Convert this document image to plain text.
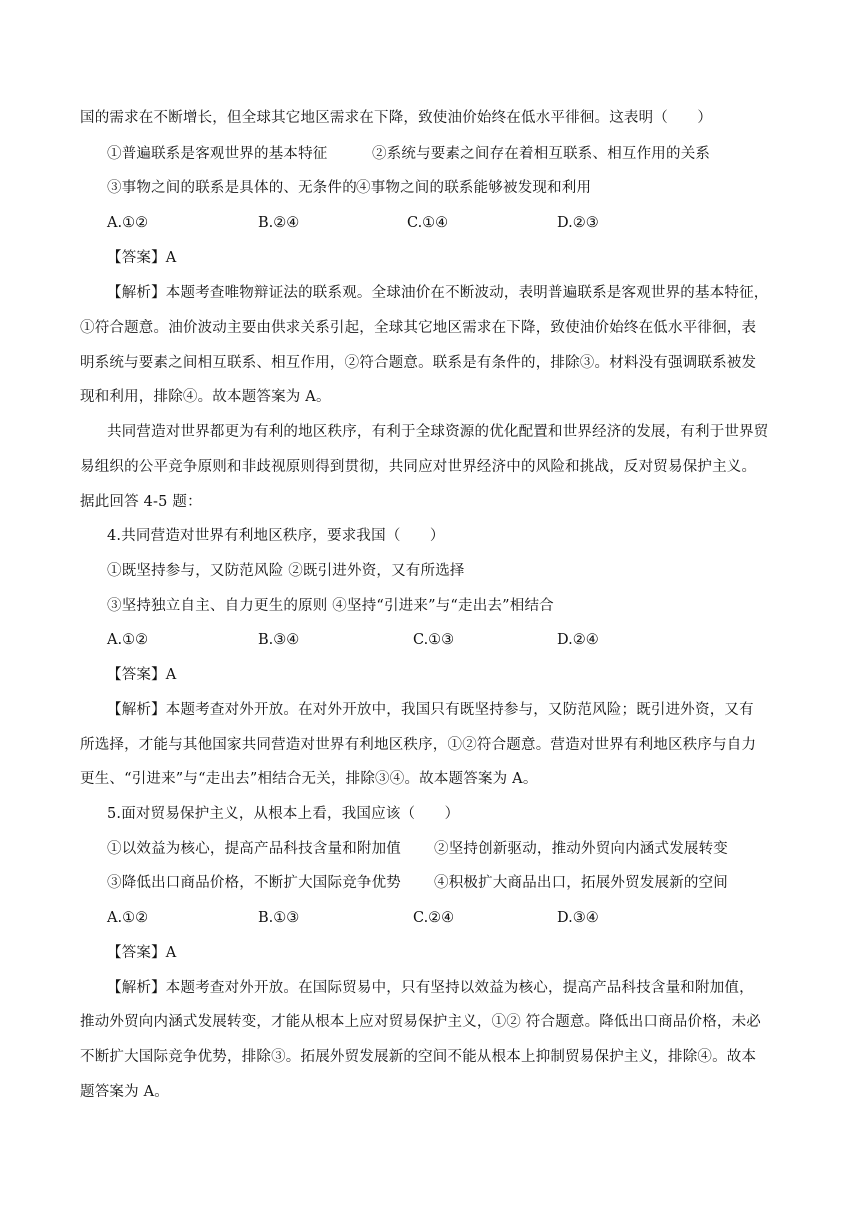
国的需求在不断增长，但全球其它地区需求在下降，致使油价始终在低水平徘徊。这表明（　　）
①普遍联系是客观世界的基本特征	②系统与要素之间存在着相互联系、相互作用的关系
③事物之间的联系是具体的、无条件的 ④事物之间的联系能够被发现和利用
A.①②	B.②④	C.①④	D.②③
【答案】A
【解析】本题考查唯物辩证法的联系观。全球油价在不断波动，表明普遍联系是客观世界的基本特征，
①符合题意。油价波动主要由供求关系引起，全球其它地区需求在下降，致使油价始终在低水平徘徊，表
明系统与要素之间相互联系、相互作用，②符合题意。联系是有条件的，排除③。材料没有强调联系被发
现和利用，排除④。故本题答案为 A。
共同营造对世界都更为有利的地区秩序，有利于全球资源的优化配置和世界经济的发展，有利于世界贸
易组织的公平竞争原则和非歧视原则得到贯彻，共同应对世界经济中的风险和挑战，反对贸易保护主义。
据此回答 4-5 题：
4.共同营造对世界有利地区秩序，要求我国（　　）
①既坚持参与，又防范风险 ②既引进外资，又有所选择
③坚持独立自主、自力更生的原则 ④坚持“引进来”与“走出去”相结合
A.①②	B.③④	C.①③	D.②④
【答案】A
【解析】本题考查对外开放。在对外开放中，我国只有既坚持参与，又防范风险；既引进外资，又有
所选择，才能与其他国家共同营造对世界有利地区秩序，①②符合题意。营造对世界有利地区秩序与自力
更生、“引进来”与“走出去”相结合无关，排除③④。故本题答案为 A。
5.面对贸易保护主义，从根本上看，我国应该（　　）
①以效益为核心，提高产品科技含量和附加值 ②坚持创新驱动，推动外贸向内涵式发展转变
③降低出口商品价格，不断扩大国际竞争优势 ④积极扩大商品出口，拓展外贸发展新的空间
A.①②	B.①③	C.②④	D.③④
【答案】A
【解析】本题考查对外开放。在国际贸易中，只有坚持以效益为核心，提高产品科技含量和附加值，
推动外贸向内涵式发展转变，才能从根本上应对贸易保护主义，①② 符合题意。降低出口商品价格，未必
不断扩大国际竞争优势，排除③。拓展外贸发展新的空间不能从根本上抑制贸易保护主义，排除④。故本
题答案为 A。
